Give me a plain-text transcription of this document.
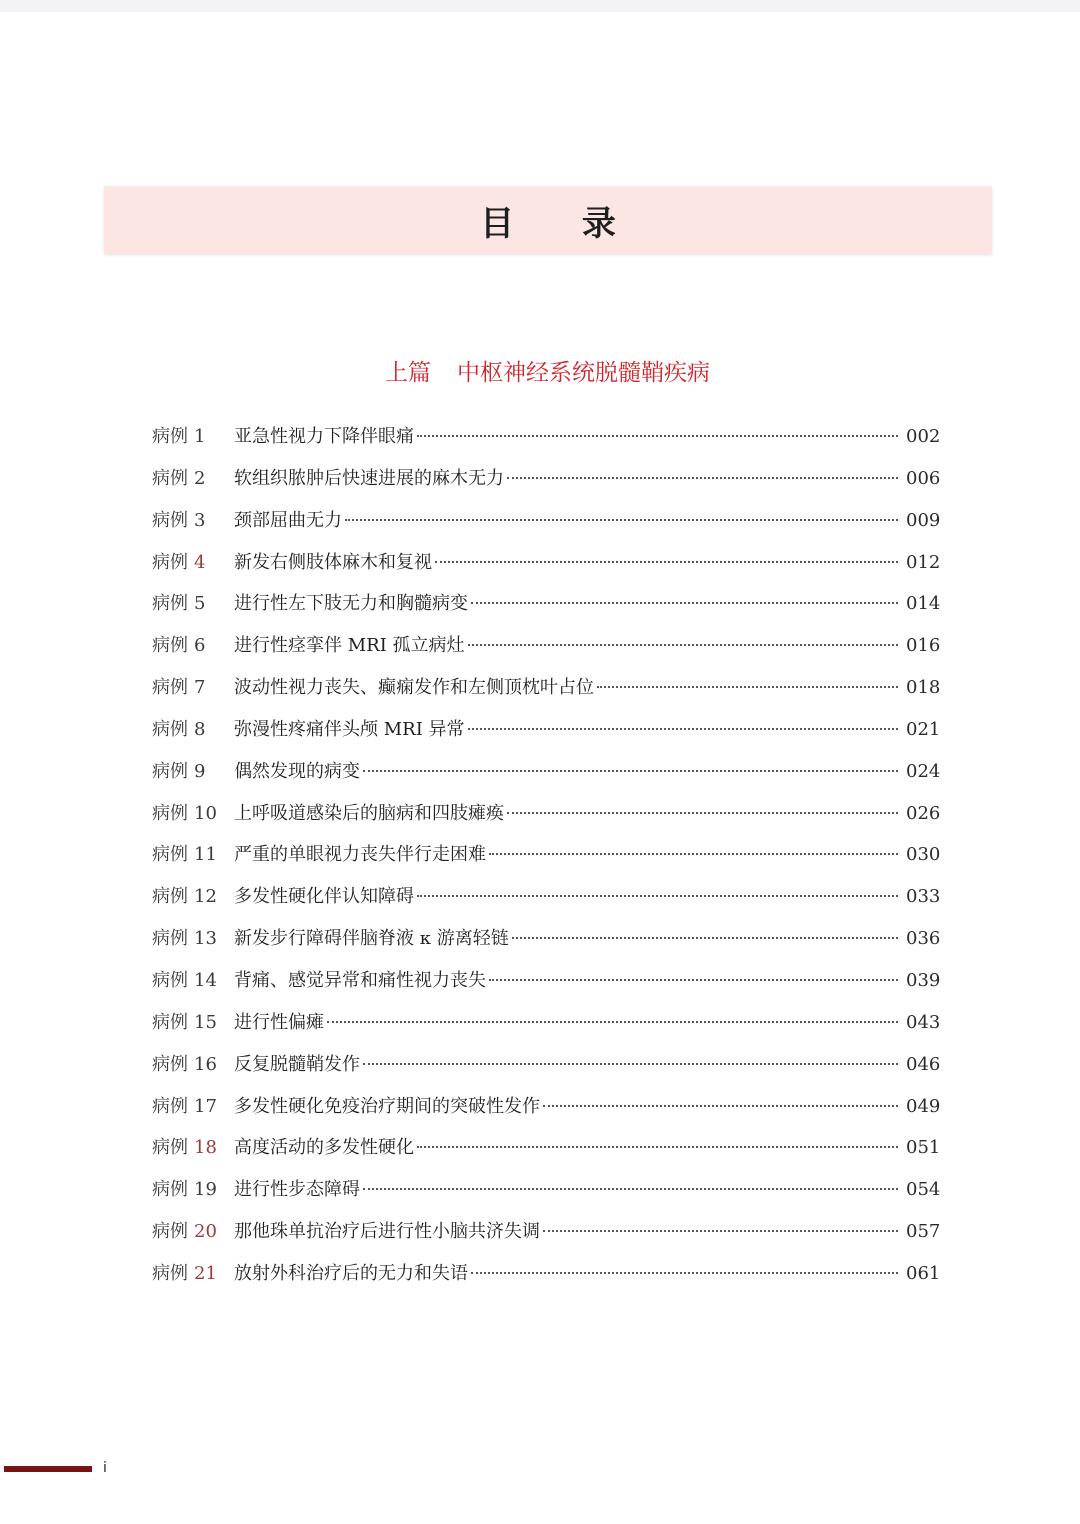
目 录
上篇 中枢神经系统脱髓鞘疾病
病例 1	亚急性视力下降伴眼痛	002
病例 2	软组织脓肿后快速进展的麻木无力	006
病例 3	颈部屈曲无力	009
病例 4	新发右侧肢体麻木和复视	012
病例 5	进行性左下肢无力和胸髓病变	014
病例 6	进行性痉挛伴 MRI 孤立病灶	016
病例 7	波动性视力丧失、癫痫发作和左侧顶枕叶占位	018
病例 8	弥漫性疼痛伴头颅 MRI 异常	021
病例 9	偶然发现的病变	024
病例 10 上呼吸道感染后的脑病和四肢瘫痪	026
病例 11 严重的单眼视力丧失伴行走困难	030
病例 12 多发性硬化伴认知障碍	033
病例 13 新发步行障碍伴脑脊液 κ 游离轻链	036
病例 14 背痛、感觉异常和痛性视力丧失	039
病例 15 进行性偏瘫	043
病例 16 反复脱髓鞘发作	046
病例 17 多发性硬化免疫治疗期间的突破性发作	049
病例 18 高度活动的多发性硬化	051
病例 19 进行性步态障碍	054
病例 20 那他珠单抗治疗后进行性小脑共济失调	057
病例 21 放射外科治疗后的无力和失语	061
i
